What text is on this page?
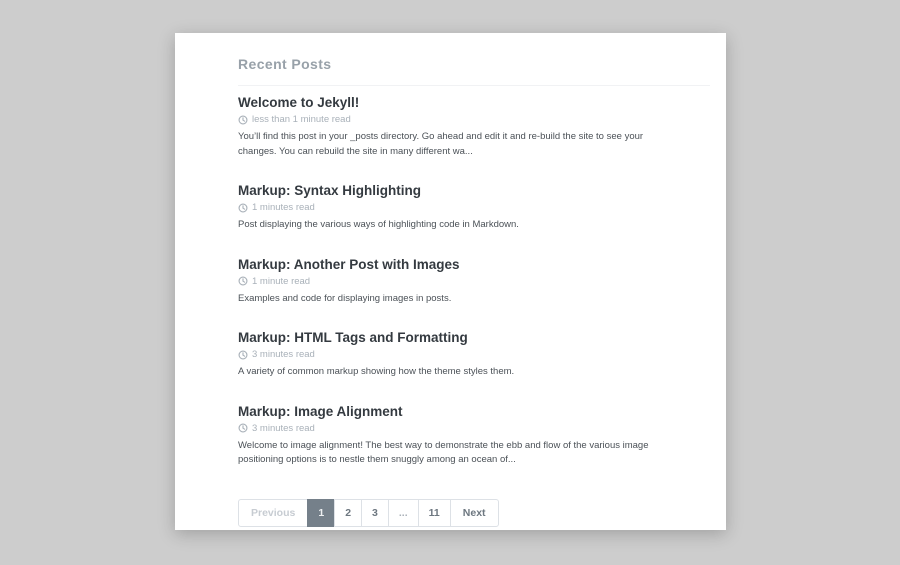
Recent Posts
Welcome to Jekyll!
less than 1 minute read

You’ll find this post in your _posts directory. Go ahead and edit it and re-build the site to see your changes. You can rebuild the site in many different wa...

Markup: Syntax Highlighting
1 minutes read

Post displaying the various ways of highlighting code in Markdown.

Markup: Another Post with Images
1 minute read

Examples and code for displaying images in posts.

Markup: HTML Tags and Formatting
3 minutes read

A variety of common markup showing how the theme styles them.

Markup: Image Alignment
3 minutes read

Welcome to image alignment! The best way to demonstrate the ebb and flow of the various image positioning options is to nestle them snuggly among an ocean of...

Previous	1	2	3	...	11	Next
